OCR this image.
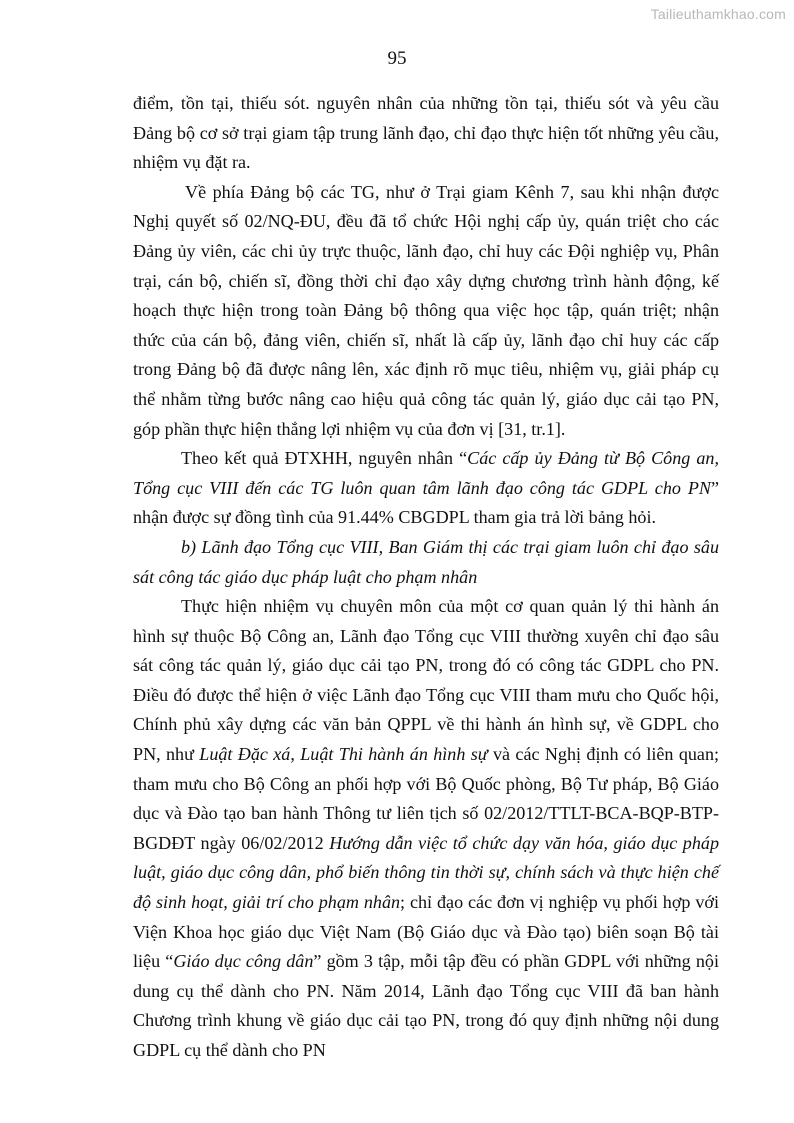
Tailieuthamkhao.com
95

điểm, tồn tại, thiếu sót. nguyên nhân của những tồn tại, thiếu sót và yêu cầu Đảng bộ cơ sở trại giam tập trung lãnh đạo, chỉ đạo thực hiện tốt những yêu cầu, nhiệm vụ đặt ra.

Về phía Đảng bộ các TG, như ở Trại giam Kênh 7, sau khi nhận được Nghị quyết số 02/NQ-ĐU, đều đã tổ chức Hội nghị cấp ủy, quán triệt cho các Đảng ủy viên, các chi ủy trực thuộc, lãnh đạo, chỉ huy các Đội nghiệp vụ, Phân trại, cán bộ, chiến sĩ, đồng thời chỉ đạo xây dựng chương trình hành động, kế hoạch thực hiện trong toàn Đảng bộ thông qua việc học tập, quán triệt; nhận thức của cán bộ, đảng viên, chiến sĩ, nhất là cấp ủy, lãnh đạo chỉ huy các cấp trong Đảng bộ đã được nâng lên, xác định rõ mục tiêu, nhiệm vụ, giải pháp cụ thể nhằm từng bước nâng cao hiệu quả công tác quản lý, giáo dục cải tạo PN, góp phần thực hiện thắng lợi nhiệm vụ của đơn vị [31, tr.1].

Theo kết quả ĐTXHH, nguyên nhân “Các cấp ủy Đảng từ Bộ Công an, Tổng cục VIII đến các TG luôn quan tâm lãnh đạo công tác GDPL cho PN” nhận được sự đồng tình của 91.44% CBGDPL tham gia trả lời bảng hỏi.

b) Lãnh đạo Tổng cục VIII, Ban Giám thị các trại giam luôn chỉ đạo sâu sát công tác giáo dục pháp luật cho phạm nhân

Thực hiện nhiệm vụ chuyên môn của một cơ quan quản lý thi hành án hình sự thuộc Bộ Công an, Lãnh đạo Tổng cục VIII thường xuyên chỉ đạo sâu sát công tác quản lý, giáo dục cải tạo PN, trong đó có công tác GDPL cho PN. Điều đó được thể hiện ở việc Lãnh đạo Tổng cục VIII tham mưu cho Quốc hội, Chính phủ xây dựng các văn bản QPPL về thi hành án hình sự, về GDPL cho PN, như Luật Đặc xá, Luật Thi hành án hình sự và các Nghị định có liên quan; tham mưu cho Bộ Công an phối hợp với Bộ Quốc phòng, Bộ Tư pháp, Bộ Giáo dục và Đào tạo ban hành Thông tư liên tịch số 02/2012/TTLT-BCA-BQP-BTP-BGDĐT ngày 06/02/2012 Hướng dẫn việc tổ chức dạy văn hóa, giáo dục pháp luật, giáo dục công dân, phổ biến thông tin thời sự, chính sách và thực hiện chế độ sinh hoạt, giải trí cho phạm nhân; chỉ đạo các đơn vị nghiệp vụ phối hợp với Viện Khoa học giáo dục Việt Nam (Bộ Giáo dục và Đào tạo) biên soạn Bộ tài liệu “Giáo dục công dân” gồm 3 tập, mỗi tập đều có phần GDPL với những nội dung cụ thể dành cho PN. Năm 2014, Lãnh đạo Tổng cục VIII đã ban hành Chương trình khung về giáo dục cải tạo PN, trong đó quy định những nội dung GDPL cụ thể dành cho PN
